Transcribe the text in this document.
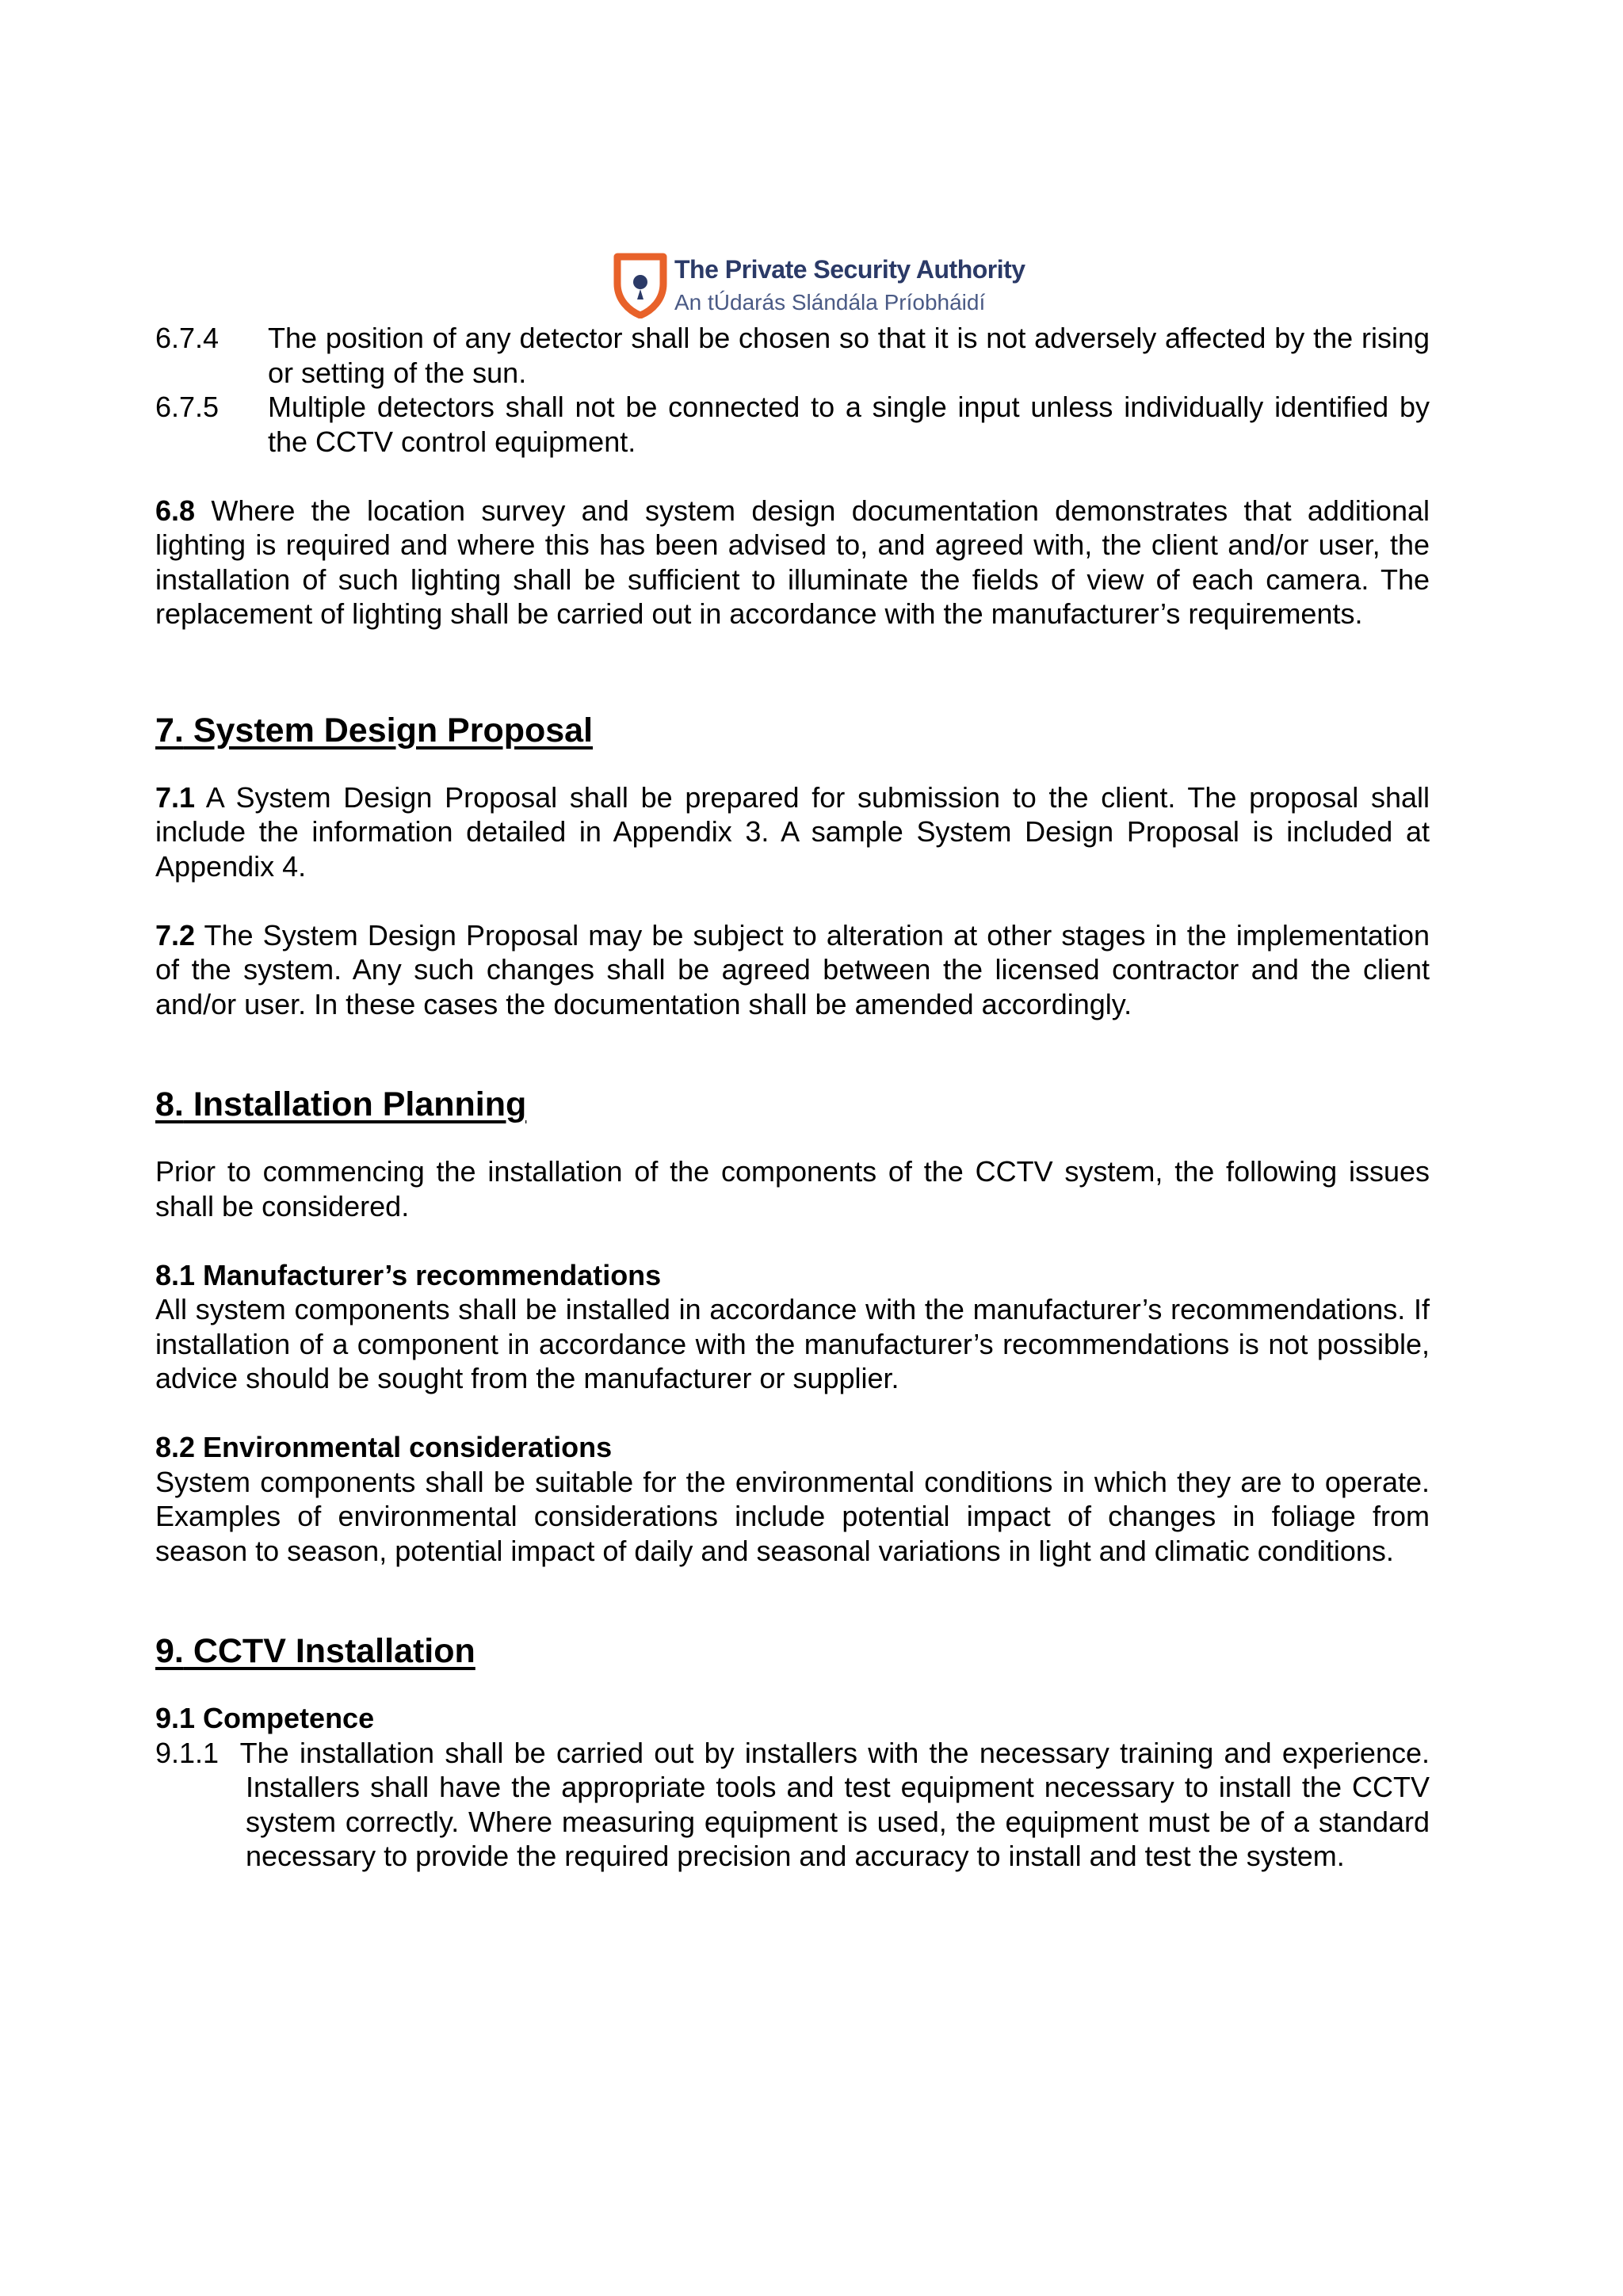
The Private Security Authority
An tÚdarás Slándála Príobháidí
6.7.4	The position of any detector shall be chosen so that it is not adversely affected by the rising or setting of the sun.
6.7.5	Multiple detectors shall not be connected to a single input unless individually identified by the CCTV control equipment.

6.8 Where the location survey and system design documentation demonstrates that additional lighting is required and where this has been advised to, and agreed with, the client and/or user, the installation of such lighting shall be sufficient to illuminate the fields of view of each camera. The replacement of lighting shall be carried out in accordance with the manufacturer’s requirements.

7. System Design Proposal

7.1 A System Design Proposal shall be prepared for submission to the client. The proposal shall include the information detailed in Appendix 3. A sample System Design Proposal is included at Appendix 4.

7.2 The System Design Proposal may be subject to alteration at other stages in the implementation of the system. Any such changes shall be agreed between the licensed contractor and the client and/or user. In these cases the documentation shall be amended accordingly.

8. Installation Planning

Prior to commencing the installation of the components of the CCTV system, the following issues shall be considered.

8.1 Manufacturer’s recommendations

All system components shall be installed in accordance with the manufacturer’s recommendations. If installation of a component in accordance with the manufacturer’s recommendations is not possible, advice should be sought from the manufacturer or supplier.

8.2 Environmental considerations

System components shall be suitable for the environmental conditions in which they are to operate. Examples of environmental considerations include potential impact of changes in foliage from season to season, potential impact of daily and seasonal variations in light and climatic conditions.

9. CCTV Installation

9.1 Competence

9.1.1 The installation shall be carried out by installers with the necessary training and experience. Installers shall have the appropriate tools and test equipment necessary to install the CCTV system correctly. Where measuring equipment is used, the equipment must be of a standard necessary to provide the required precision and accuracy to install and test the system.
